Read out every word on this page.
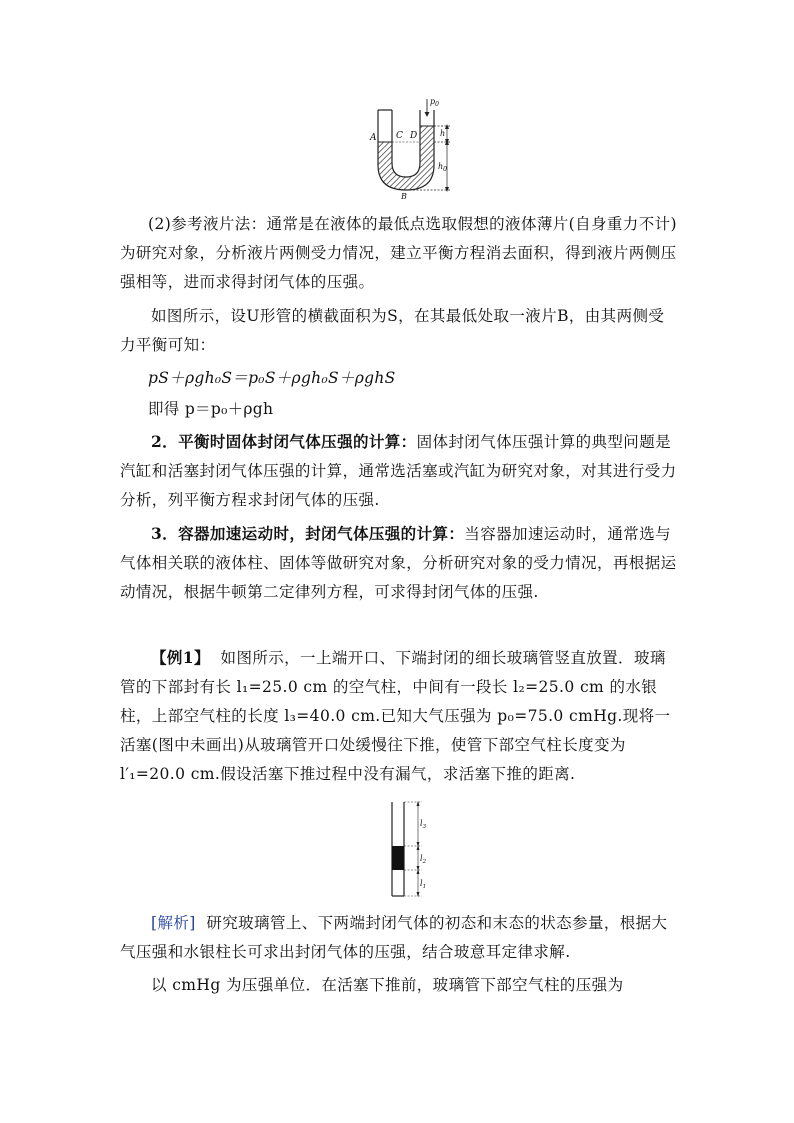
$p_0$
A C D	h
$h_0$
B
(2)参考液片法：通常是在液体的最低点选取假想的液体薄片(自身重力不计)为研究对象，分析液片两侧受力情况，建立平衡方程消去面积，得到液片两侧压强相等，进而求得封闭气体的压强。
如图所示，设U形管的横截面积为S，在其最低处取一液片B，由其两侧受力平衡可知：
pS＋ρgh₀S＝p₀S＋ρgh₀S＋ρghS
即得 p＝p₀＋ρgh
2．平衡时固体封闭气体压强的计算：固体封闭气体压强计算的典型问题是汽缸和活塞封闭气体压强的计算，通常选活塞或汽缸为研究对象，对其进行受力分析，列平衡方程求封闭气体的压强.
3．容器加速运动时，封闭气体压强的计算：当容器加速运动时，通常选与气体相关联的液体柱、固体等做研究对象，分析研究对象的受力情况，再根据运动情况，根据牛顿第二定律列方程，可求得封闭气体的压强.
【例1】 如图所示，一上端开口、下端封闭的细长玻璃管竖直放置．玻璃管的下部封有长 l₁=25.0 cm 的空气柱，中间有一段长 l₂=25.0 cm 的水银柱，上部空气柱的长度 l₃=40.0 cm.已知大气压强为 p₀=75.0 cmHg.现将一活塞(图中未画出)从玻璃管开口处缓慢往下推，使管下部空气柱长度变为 l′₁=20.0 cm.假设活塞下推过程中没有漏气，求活塞下推的距离.
$l_3$
$l_2$
$l_1$
[解析] 研究玻璃管上、下两端封闭气体的初态和末态的状态参量，根据大气压强和水银柱长可求出封闭气体的压强，结合玻意耳定律求解.
以 cmHg 为压强单位．在活塞下推前，玻璃管下部空气柱的压强为
